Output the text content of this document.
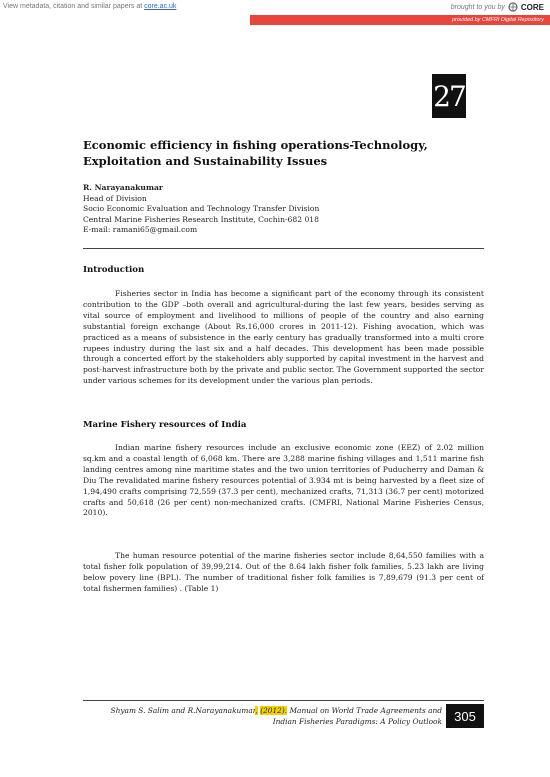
View metadata, citation and similar papers at core.ac.uk	brought to you by CORE
provided by CMFRI Digital Repository
27
Economic efficiency in fishing operations-Technology, Exploitation and Sustainability Issues
R. Narayanakumar
Head of Division
Socio Economic Evaluation and Technology Transfer Division
Central Marine Fisheries Research Institute, Cochin-682 018
E-mail: ramani65@gmail.com
Introduction
Fisheries sector in India has become a significant part of the economy through its consistent contribution to the GDP –both overall and agricultural-during the last few years, besides serving as vital source of employment and livelihood to millions of people of the country and also earning substantial foreign exchange (About Rs.16,000 crores in 2011-12). Fishing avocation, which was practiced as a means of subsistence in the early century has gradually transformed into a multi crore rupees industry during the last six and a half decades. This development has been made possible through a concerted effort by the stakeholders ably supported by capital investment in the harvest and post-harvest infrastructure both by the private and public sector. The Government supported the sector under various schemes for its development under the various plan periods.
Marine Fishery resources of India
Indian marine fishery resources include an exclusive economic zone (EEZ) of 2.02 million sq.km and a coastal length of 6,068 km. There are 3,288 marine fishing villages and 1,511 marine fish landing centres among nine maritime states and the two union territories of Puducherry and Daman & Diu The revalidated marine fishery resources potential of 3.934 mt is being harvested by a fleet size of 1,94,490 crafts comprising 72,559 (37.3 per cent), mechanized crafts, 71,313 (36.7 per cent) motorized crafts and 50,618 (26 per cent) non-mechanized crafts. (CMFRI, National Marine Fisheries Census, 2010).
The human resource potential of the marine fisheries sector include 8,64,550 families with a total fisher folk population of 39,99,214. Out of the 8.64 lakh fisher folk families, 5.23 lakh are living below povery line (BPL). The number of traditional fisher folk families is 7,89,679 (91.3 per cent of total fishermen families) . (Table 1)
Shyam S. Salim and R.Narayanakumar, (2012). Manual on World Trade Agreements and
Indian Fisheries Paradigms: A Policy Outlook 305
